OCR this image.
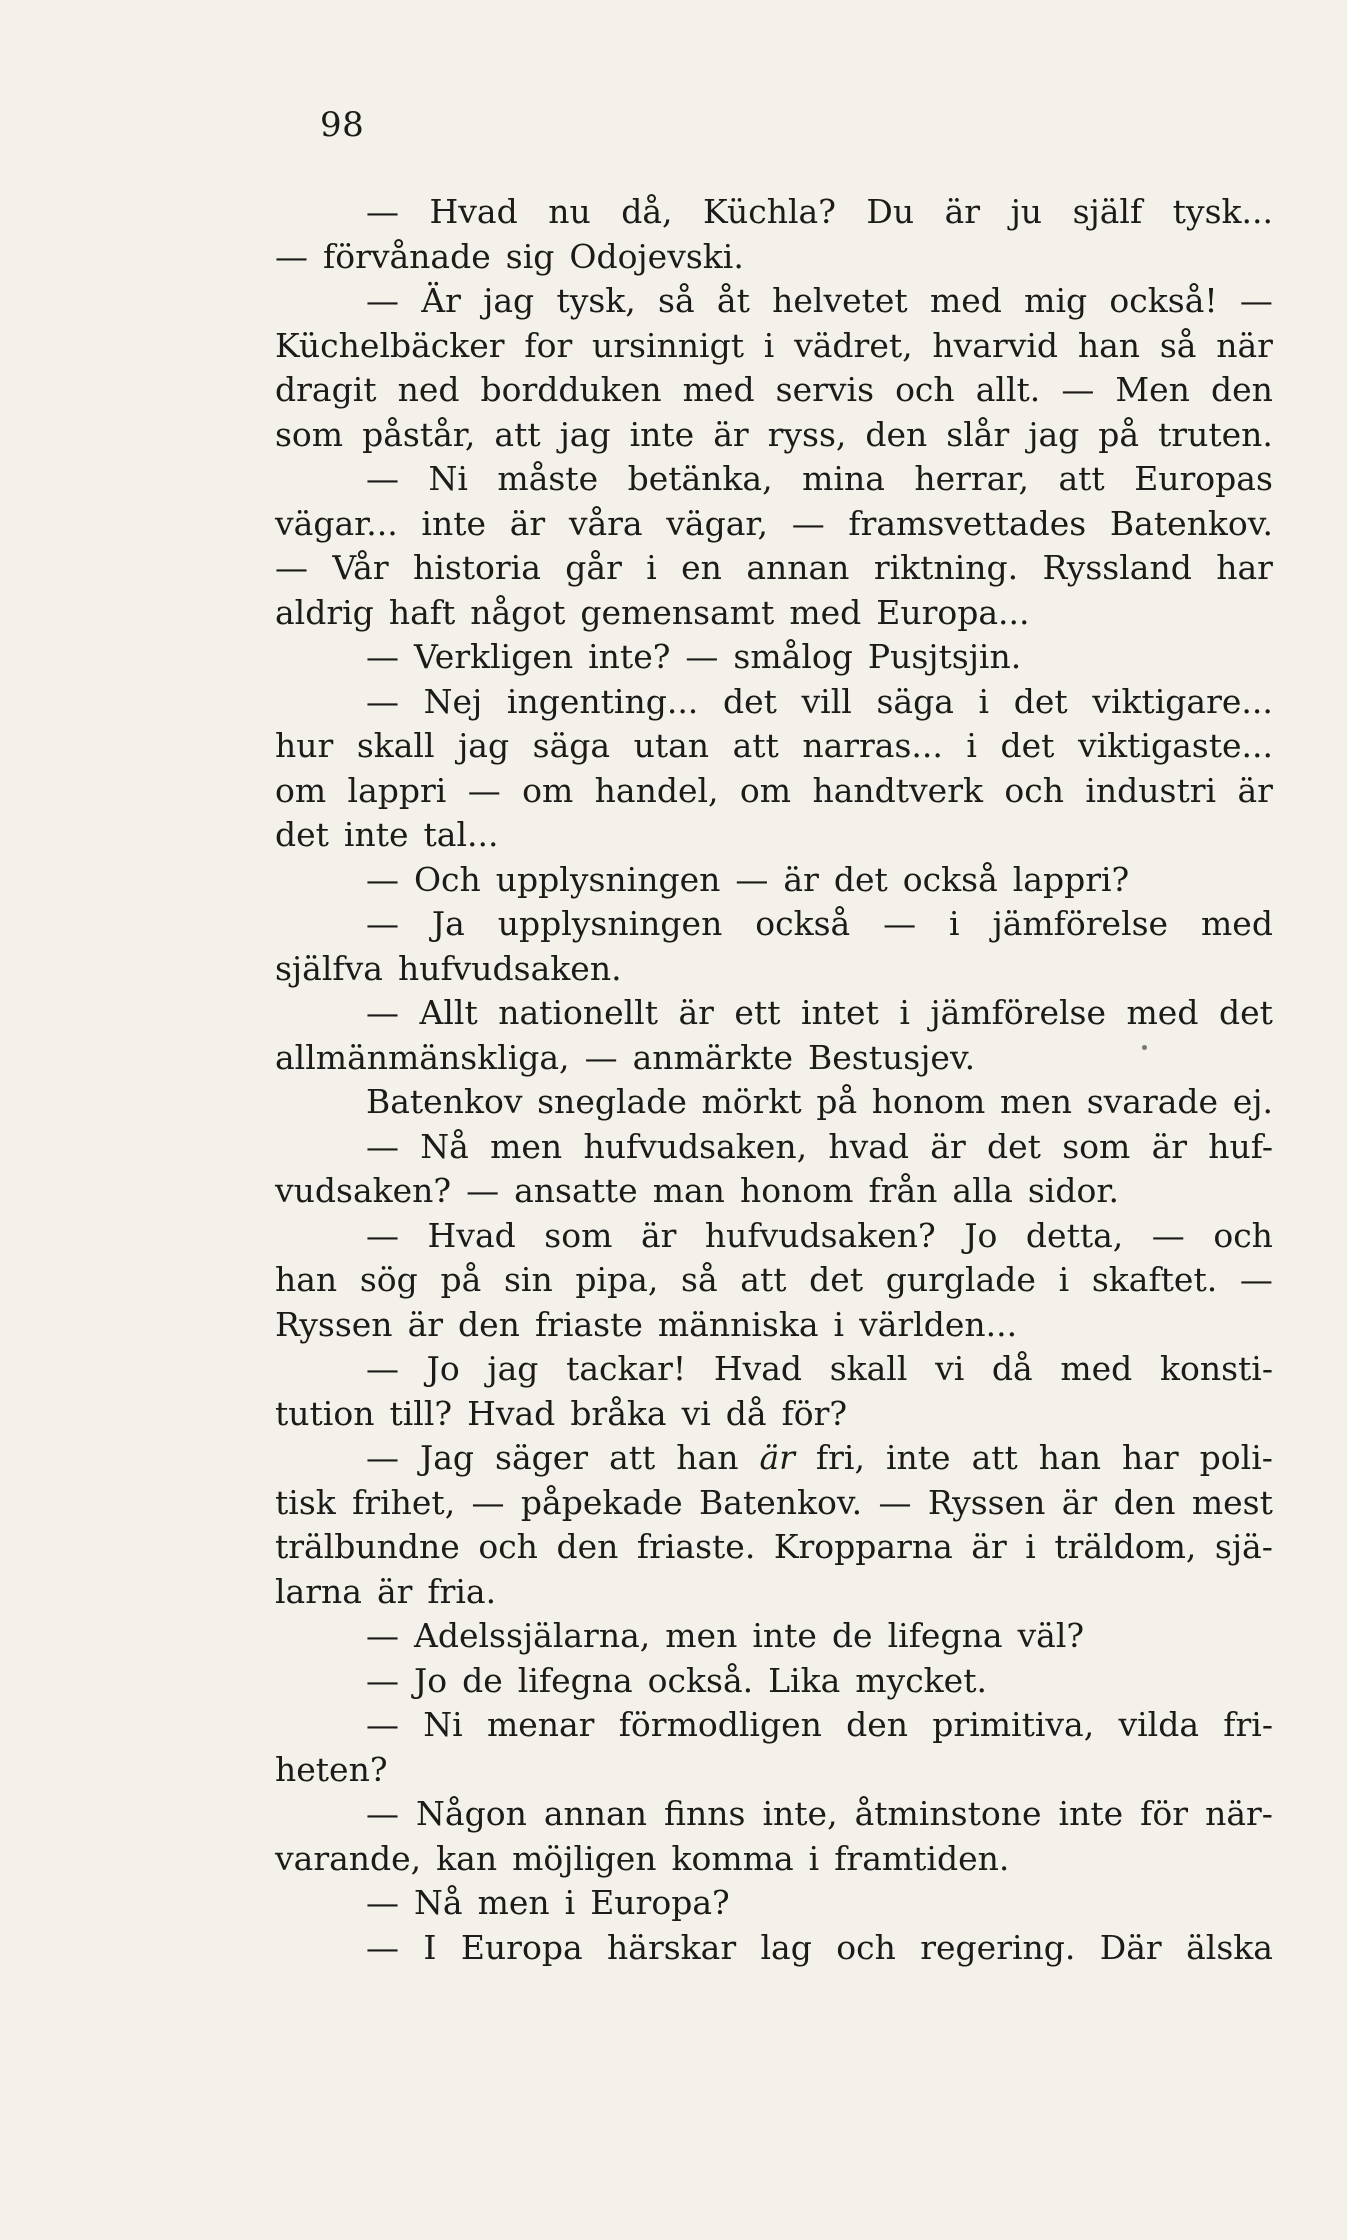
98
— Hvad nu då, Küchla? Du är ju själf tysk...
— förvånade sig Odojevski.
— Är jag tysk, så åt helvetet med mig också! —
Küchelbäcker for ursinnigt i vädret, hvarvid han så när
dragit ned bordduken med servis och allt. — Men den
som påstår, att jag inte är ryss, den slår jag på truten.
— Ni måste betänka, mina herrar, att Europas
vägar... inte är våra vägar, — framsvettades Batenkov.
— Vår historia går i en annan riktning. Ryssland har
aldrig haft något gemensamt med Europa...
— Verkligen inte? — smålog Pusjtsjin.
— Nej ingenting... det vill säga i det viktigare...
hur skall jag säga utan att narras... i det viktigaste...
om lappri — om handel, om handtverk och industri är
det inte tal...
— Och upplysningen — är det också lappri?
— Ja upplysningen också — i jämförelse med
själfva hufvudsaken.
— Allt nationellt är ett intet i jämförelse med det
allmänmänskliga, — anmärkte Bestusjev.
Batenkov sneglade mörkt på honom men svarade ej.
— Nå men hufvudsaken, hvad är det som är huf-
vudsaken? — ansatte man honom från alla sidor.
— Hvad som är hufvudsaken? Jo detta, — och
han sög på sin pipa, så att det gurglade i skaftet. —
Ryssen är den friaste människa i världen...
— Jo jag tackar! Hvad skall vi då med konsti-
tution till? Hvad bråka vi då för?
— Jag säger att han är fri, inte att han har poli-
tisk frihet, — påpekade Batenkov. — Ryssen är den mest
trälbundne och den friaste. Kropparna är i träldom, sjä-
larna är fria.
— Adelssjälarna, men inte de lifegna väl?
— Jo de lifegna också. Lika mycket.
— Ni menar förmodligen den primitiva, vilda fri-
heten?
— Någon annan finns inte, åtminstone inte för när-
varande, kan möjligen komma i framtiden.
— Nå men i Europa?
— I Europa härskar lag och regering. Där älska
